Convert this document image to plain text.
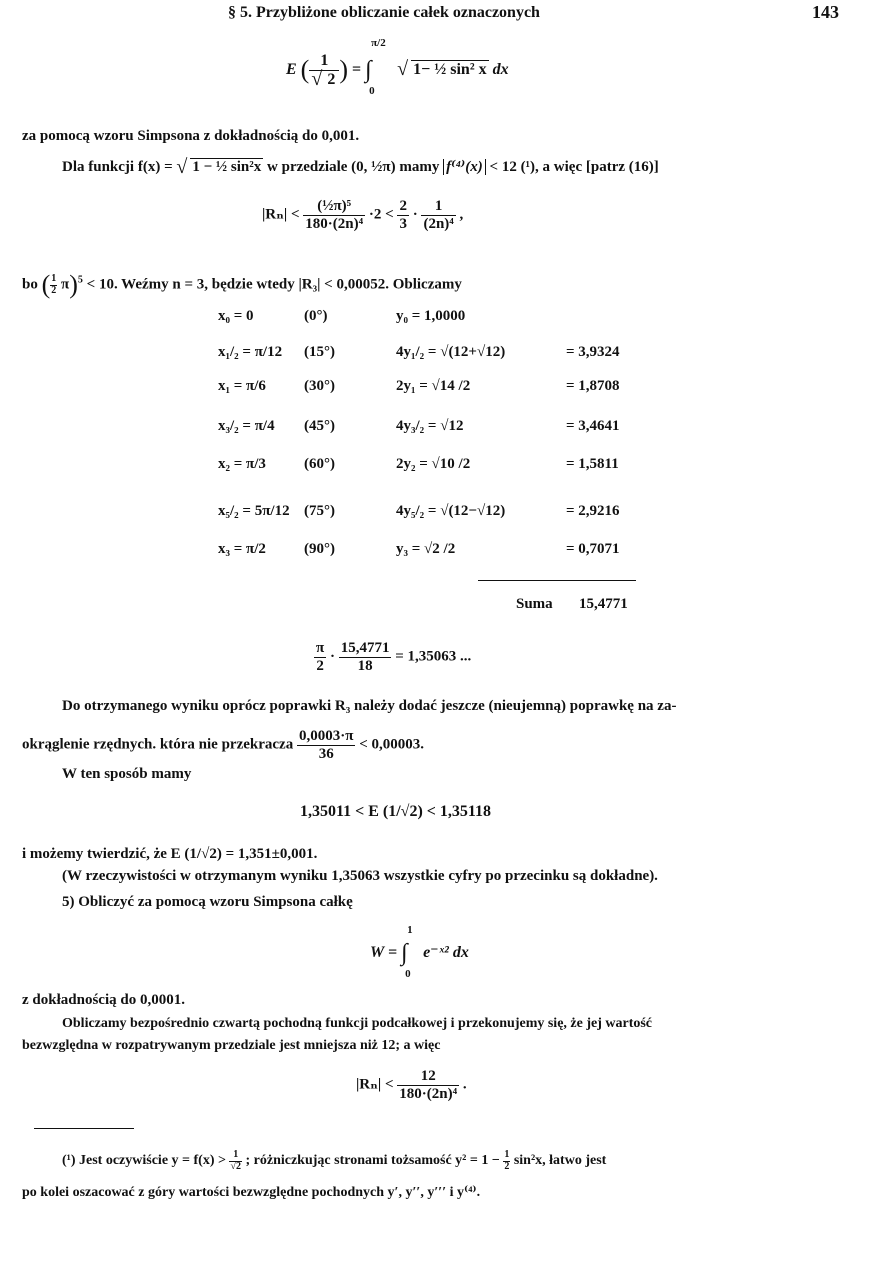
§ 5. Przybliżone obliczanie całek oznaczonych	143
E ( 1
√ 2 ) =
π/2
∫
0
√ 1− ½ sin² x dx
za pomocą wzoru Simpsona z dokładnością do 0,001.
Dla funkcji f(x) = √ 1 − ½ sin²x w przedziale (0, ½π) mamy f⁽⁴⁾(x) < 12 (¹), a więc [patrz (16)]
$|R_n| < \frac{\text{(½π)⁵}}{\text{180·(2n)⁴}} \cdot 2 < \frac{2}{3} \cdot \frac{1}{\text{(2n)⁴}}$ ,
bo ( $\frac{1}{2} \pi)^5 < 10$. Weźmy n = 3, będzie wtedy |R₃| < 0,00052. Obliczamy
x₀ = 0	(0°)	y₀ = 1,0000
x₁/₂ = π/12 (15°)	4y₁/₂ = √(12+√12)	= 3,9324
x₁ = π/6	(30°)	2y₁ = √14 /2	= 1,8708
x₃/₂ = π/4 (45°)	4y₃/₂ = √12	= 3,4641
x₂ = π/3	(60°)	2y₂ = √10 /2	= 1,5811
x₅/₂ = 5π/12 (75°)	4y₅/₂ = √(12−√12)	= 2,9216
x₃ = π/2	(90°)	y₃ = √2 /2	= 0,7071
Suma 15,4771
$\frac{\pi}{2} \cdot \frac{15,4771}{18} = 1,35063$ ...
Do otrzymanego wyniku oprócz poprawki R₃ należy dodać jeszcze (nieujemną) poprawkę na za-
okrąglenie rzędnych. która nie przekracza $\frac{0,0003\cdot\pi}{36} < 0,00003$.
W ten sposób mamy
1,35011 < E (1/√2) < 1,35118
i możemy twierdzić, że E (1/√2) = 1,351±0,001.
(W rzeczywistości w otrzymanym wyniku 1,35063 wszystkie cyfry po przecinku są dokładne).
5) Obliczyć za pomocą wzoru Simpsona całkę
W =
1
∫
0
e⁻ˣ² dx
z dokładnością do 0,0001.
Obliczamy bezpośrednio czwartą pochodną funkcji podcałkowej i przekonujemy się, że jej wartość
bezwzględna w rozpatrywanym przedziale jest mniejsza niż 12; a więc
$|R_n| < \frac{12}{\text{180·(2n)⁴}}$ .
(¹) Jest oczywiście $y = f(x) > \frac{1}{√2}$ ; różniczkując stronami tożsamość $y^2 = 1 - \frac{1}{2} \sin^2x$, łatwo jest
po kolei oszacować z góry wartości bezwzględne pochodnych y′, y′′, y′′′ i y⁽⁴⁾.
